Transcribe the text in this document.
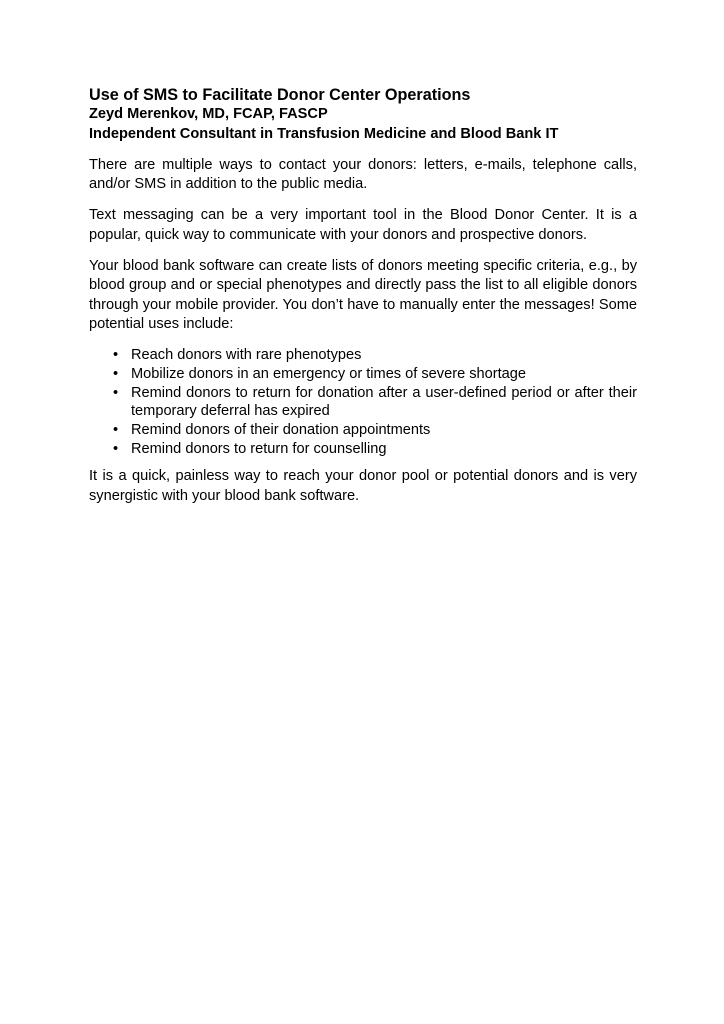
Use of SMS to Facilitate Donor Center Operations

Zeyd Merenkov, MD, FCAP, FASCP

Independent Consultant in Transfusion Medicine and Blood Bank IT

There are multiple ways to contact your donors: letters, e-mails, telephone calls, and/or SMS in addition to the public media.

Text messaging can be a very important tool in the Blood Donor Center. It is a popular, quick way to communicate with your donors and prospective donors.

Your blood bank software can create lists of donors meeting specific criteria, e.g., by blood group and or special phenotypes and directly pass the list to all eligible donors through your mobile provider. You don’t have to manually enter the messages! Some potential uses include:

• Reach donors with rare phenotypes
• Mobilize donors in an emergency or times of severe shortage
• Remind donors to return for donation after a user-defined period or after their temporary deferral has expired
• Remind donors of their donation appointments
• Remind donors to return for counselling

It is a quick, painless way to reach your donor pool or potential donors and is very synergistic with your blood bank software.
